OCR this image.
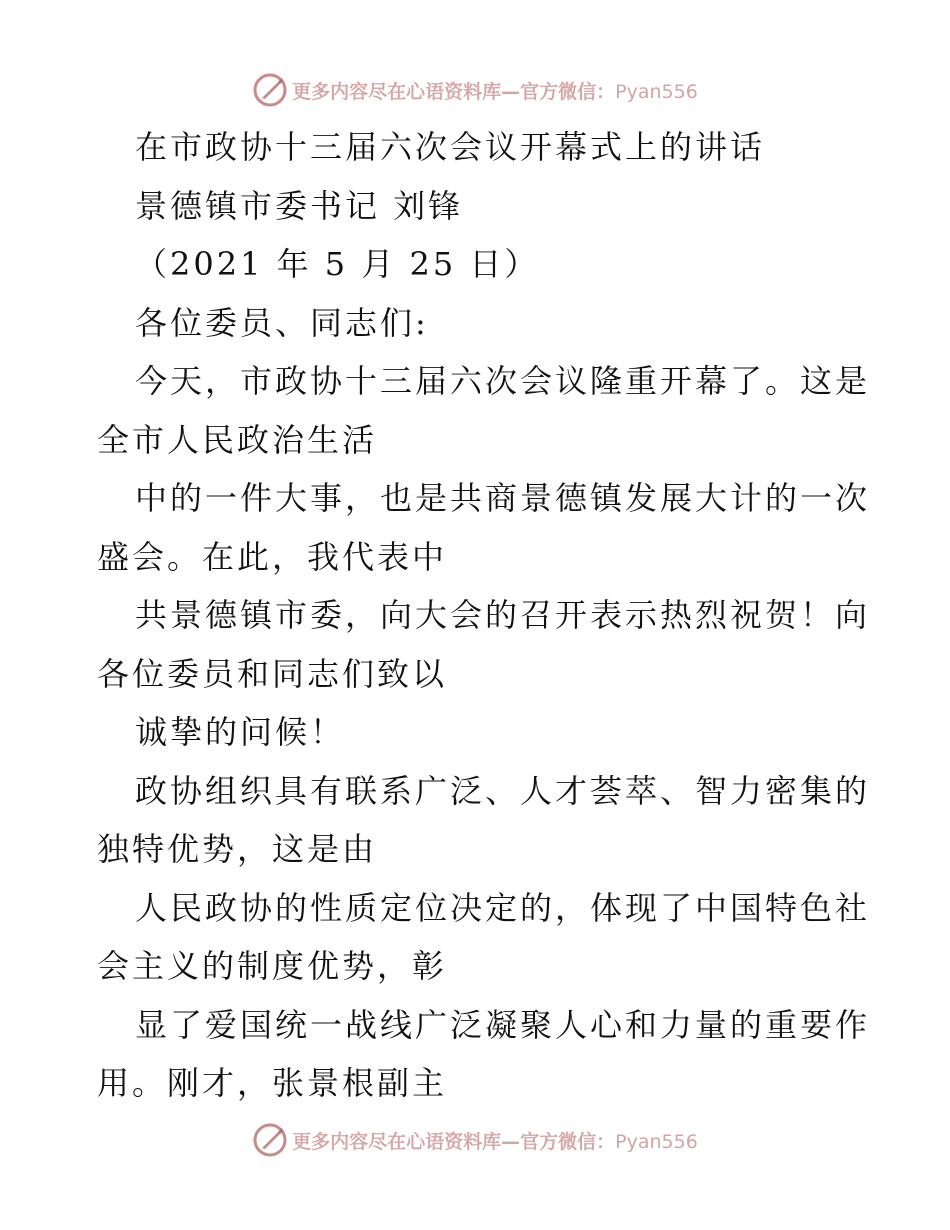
更多内容尽在心语资料库—官方微信：Pyan556
在市政协十三届六次会议开幕式上的讲话
景德镇市委书记 刘锋
（2021 年 5 月 25 日）
各位委员、同志们:
今天，市政协十三届六次会议隆重开幕了。这是
全市人民政治生活
中的一件大事，也是共商景德镇发展大计的一次
盛会。在此，我代表中
共景德镇市委，向大会的召开表示热烈祝贺！向
各位委员和同志们致以
诚挚的问候！
政协组织具有联系广泛、人才荟萃、智力密集的
独特优势，这是由
人民政协的性质定位决定的，体现了中国特色社
会主义的制度优势，彰
显了爱国统一战线广泛凝聚人心和力量的重要作
用。刚才，张景根副主
更多内容尽在心语资料库—官方微信：Pyan556
